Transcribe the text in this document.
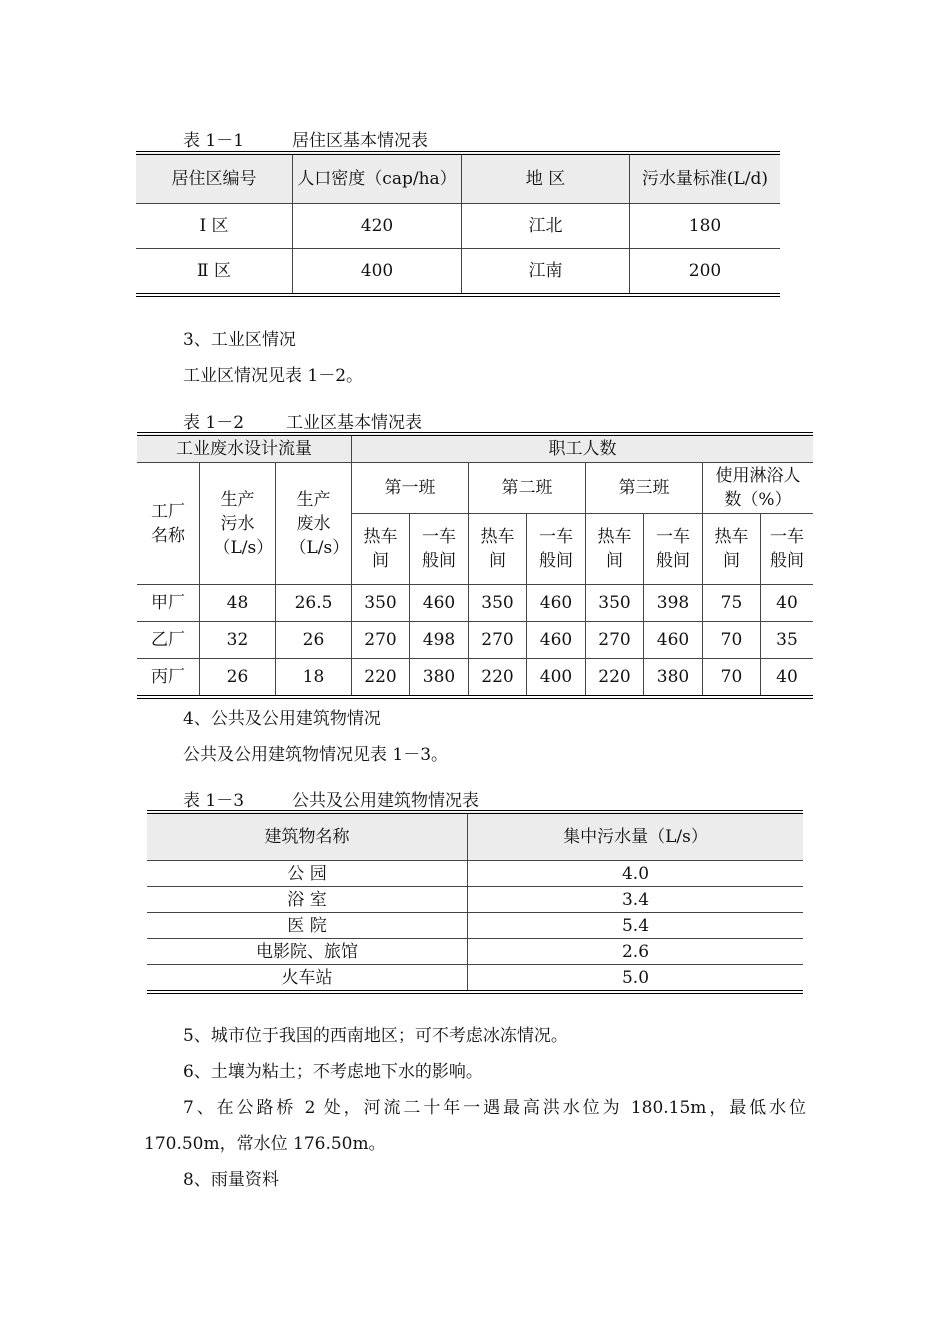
表 1－1	居住区基本情况表
居住区编号	人口密度（cap/ha）	地 区	污水量标准(L/d)
Ⅰ 区	420	江北	180
Ⅱ 区	400	江南	200
3、工业区情况
工业区情况见表 1－2。
表 1－2 工业区基本情况表
工业废水设计流量			职工人数							

工厂名称	生产污水（L/s）	生产废水（L/s）	第一班		第二班		第三班		使用淋浴人数（%）	

			热车间	一车般间	热车间	一车般间	热车间	一车般间	热车间	一车般间

甲厂	48	26.5	350	460	350	460	350	398	75	40
乙厂	32	26	270	498	270	460	270	460	70	35
丙厂	26	18	220	380	220	400	220	380	70	40
4、公共及公用建筑物情况
公共及公用建筑物情况见表 1－3。
表 1－3	公共及公用建筑物情况表
建筑物名称	集中污水量（L/s）
公 园	4.0
浴 室	3.4
医 院	5.4
电影院、旅馆	2.6
火车站	5.0
5、城市位于我国的西南地区；可不考虑冰冻情况。
6、土壤为粘土；不考虑地下水的影响。
7、在公路桥 2 处，河流二十年一遇最高洪水位为 180.15m，最低水位
170.50m，常水位 176.50m。
8、雨量资料
